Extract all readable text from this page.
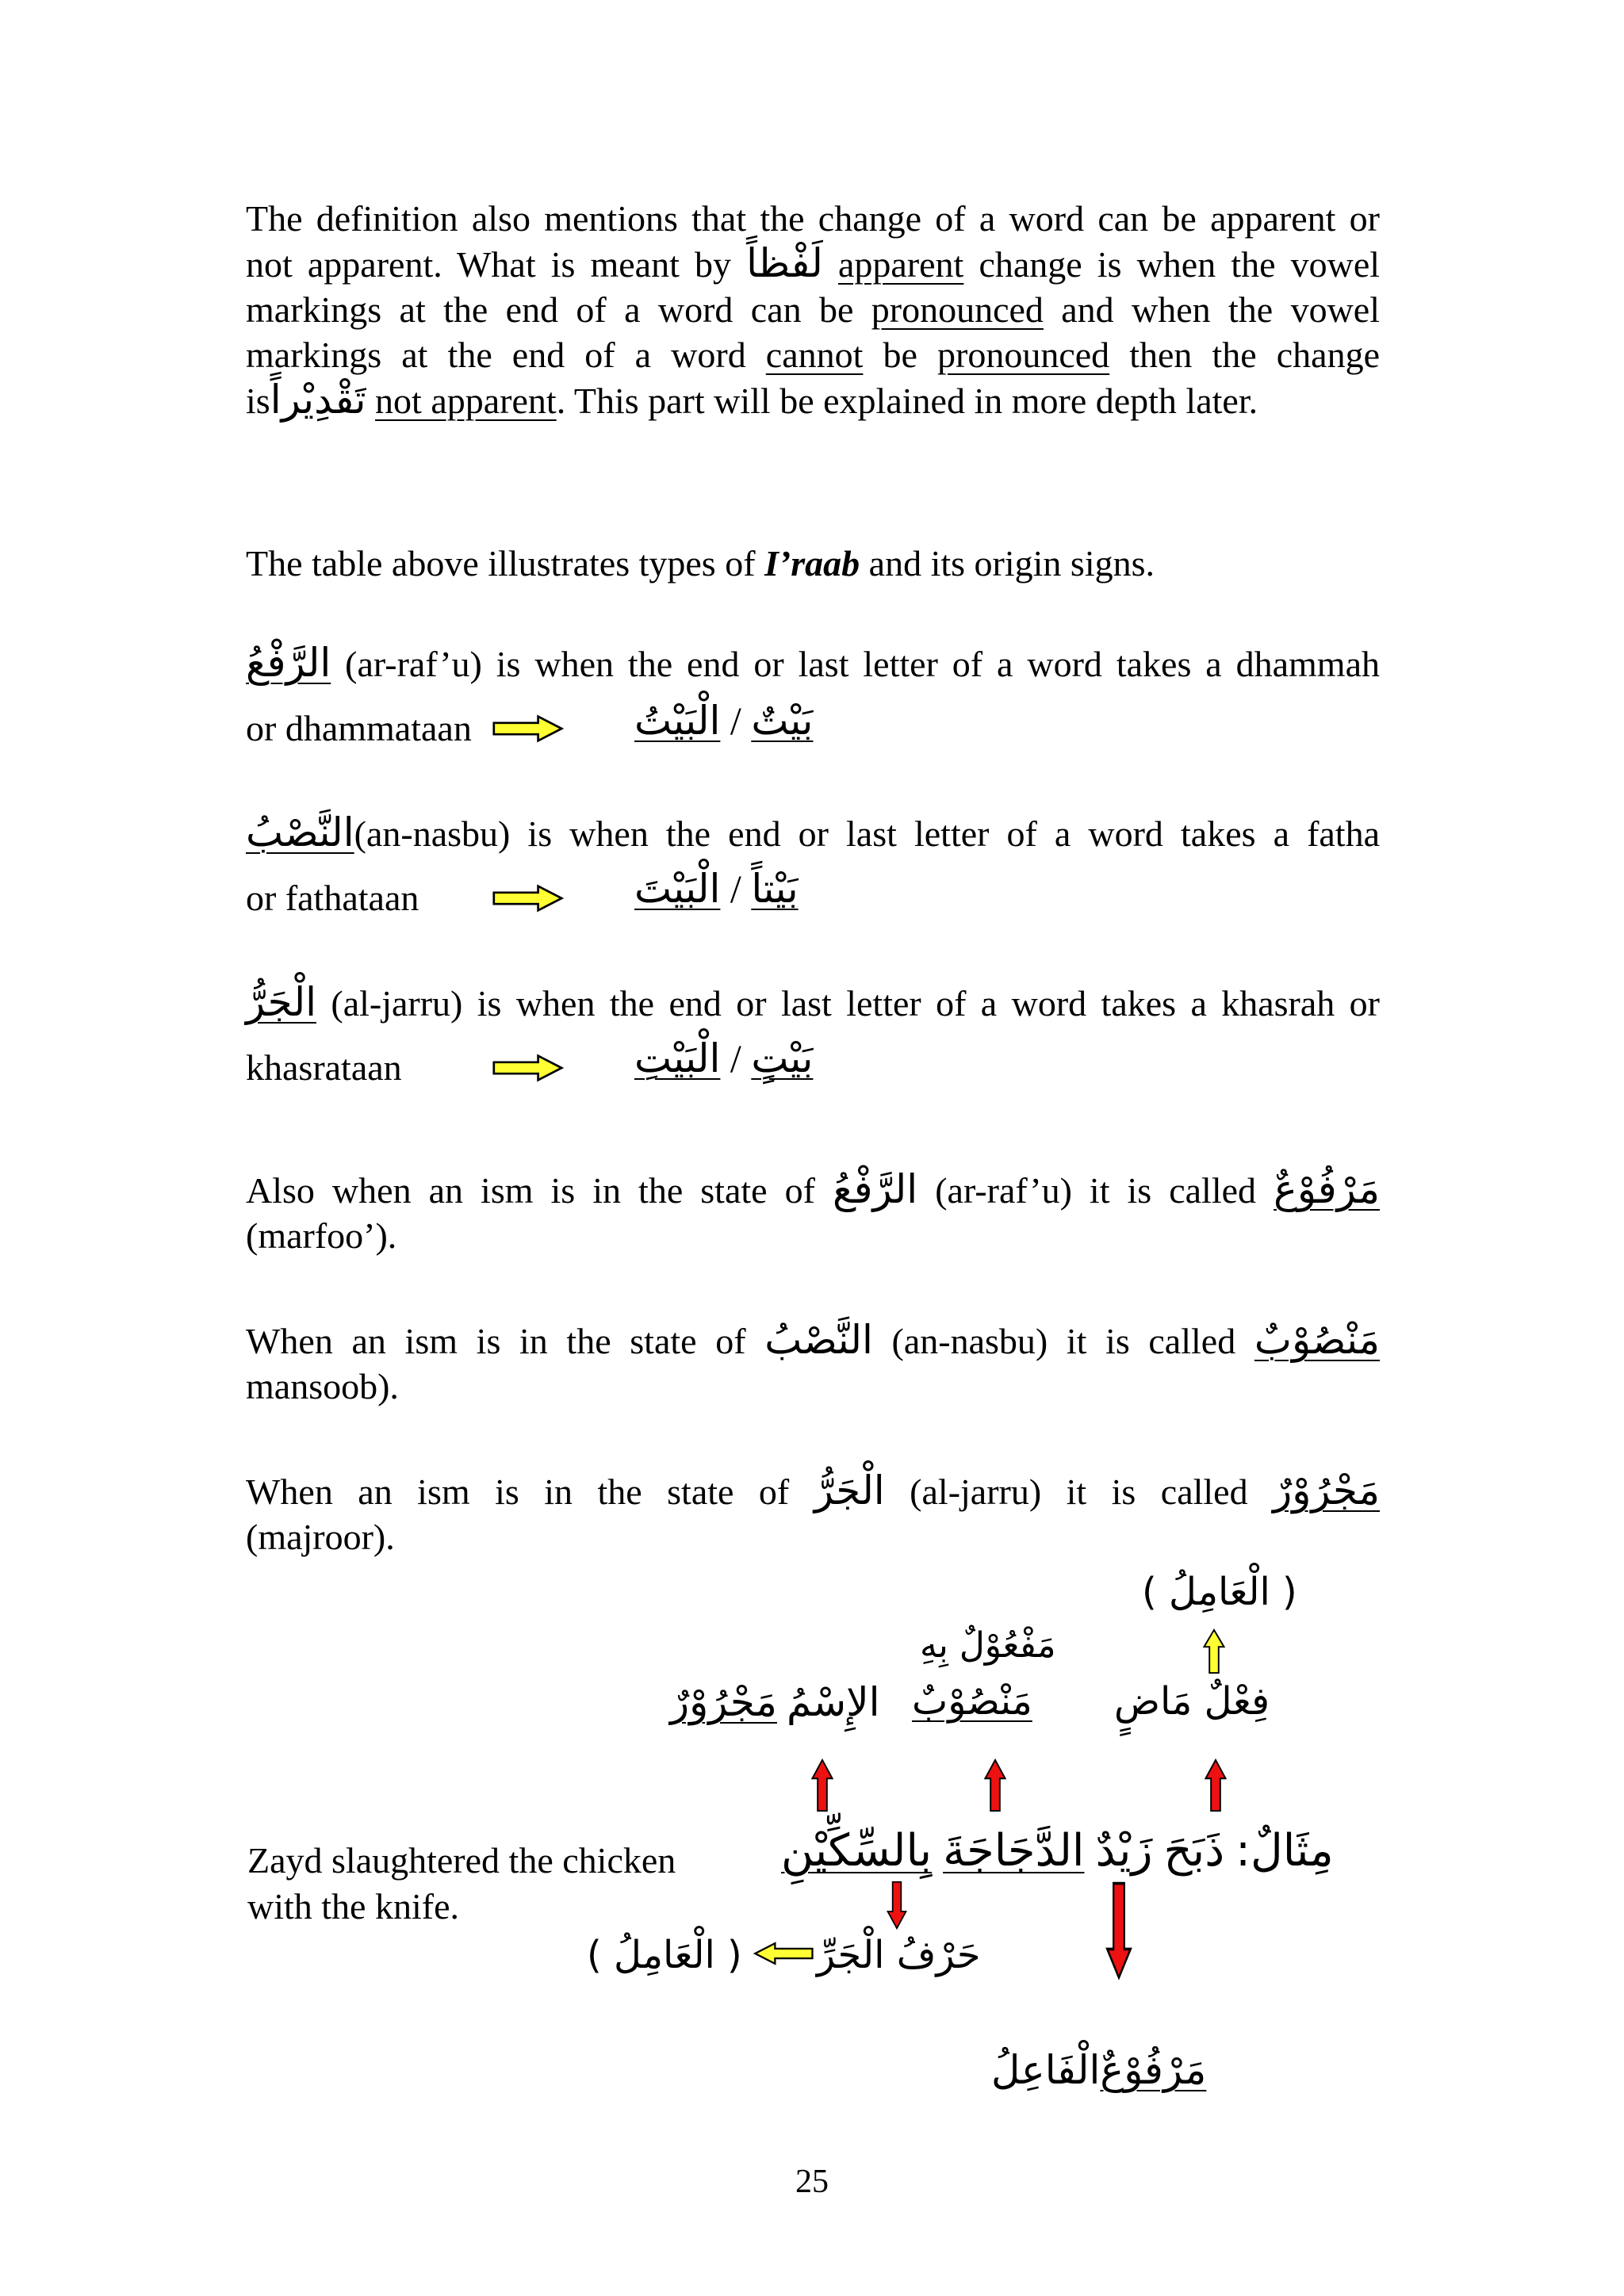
The definition also mentions that the change of a word can be apparent or
not apparent. What is meant by لَفْظاً apparent change is when the vowel
markings at the end of a word can be pronounced and when the vowel
markings at the end of a word cannot be pronounced then the change
isتَقْدِيْراً not apparent. This part will be explained in more depth later.
The table above illustrates types of I’raab and its origin signs.
الرَّفْعُ (ar-raf’u) is when the end or last letter of a word takes a dhammah
or dhammataan	الْبَيْتُ / بَيْتٌ
النَّصْبُ(an-nasbu) is when the end or last letter of a word takes a fatha
or fathataan	الْبَيْتَ / بَيْتاً
الْجَرُّ (al-jarru) is when the end or last letter of a word takes a khasrah or
khasrataan	الْبَيْتِ / بَيْتٍ
Also when an ism is in the state of الرَّفْعُ (ar-raf’u) it is called مَرْفُوْعٌ
(marfoo’).
When an ism is in the state of النَّصْبُ (an-nasbu) it is called مَنْصُوْبٌ
mansoob).
When an ism is in the state of الْجَرُّ (al-jarru) it is called مَجْرُوْرٌ
(majroor).
( الْعَامِلُ )
مَفْعُوْلٌ بِهِ
فِعْلٌ مَاضٍ
مَنْصُوْبٌ
مَجْرُوْرٌ الإِسْمُ
Zayd slaughtered the chicken
with the knife.
مِثَالٌ: ذَبَحَ زَيْدٌ الدَّجَاجَةَ بِالسِّكِّيْنِ
( الْعَامِلُ ) حَرْفُ الْجَرِّ
الْفَاعِلُمَرْفُوْعٌ
25
